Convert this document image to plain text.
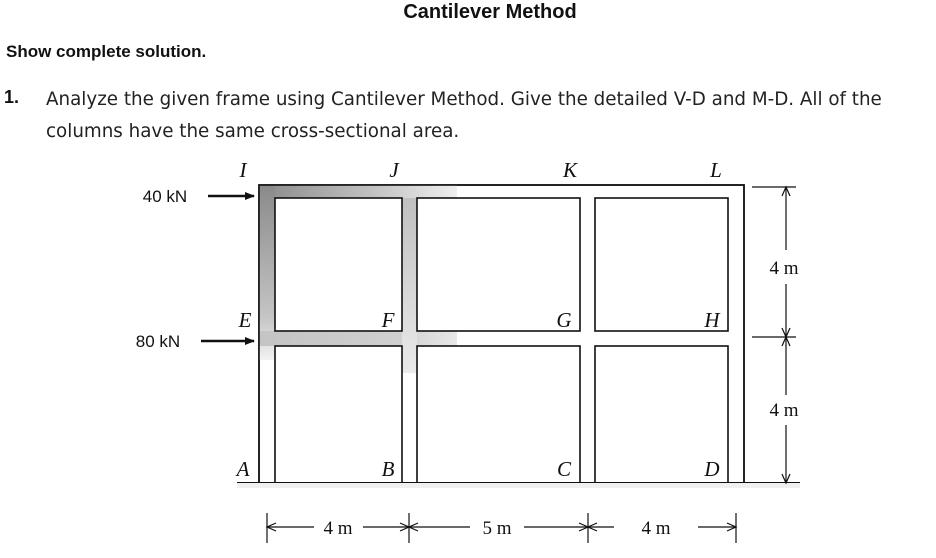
Cantilever Method
Show complete solution.
1. Analyze the given frame using Cantilever Method. Give the detailed V-D and M-D. All of the columns have the same cross-sectional area.
I	J	K	L
E	F	G	H
A	B	C	D
40 kN
80 kN
4 m
4 m
4 m	5 m	4 m
